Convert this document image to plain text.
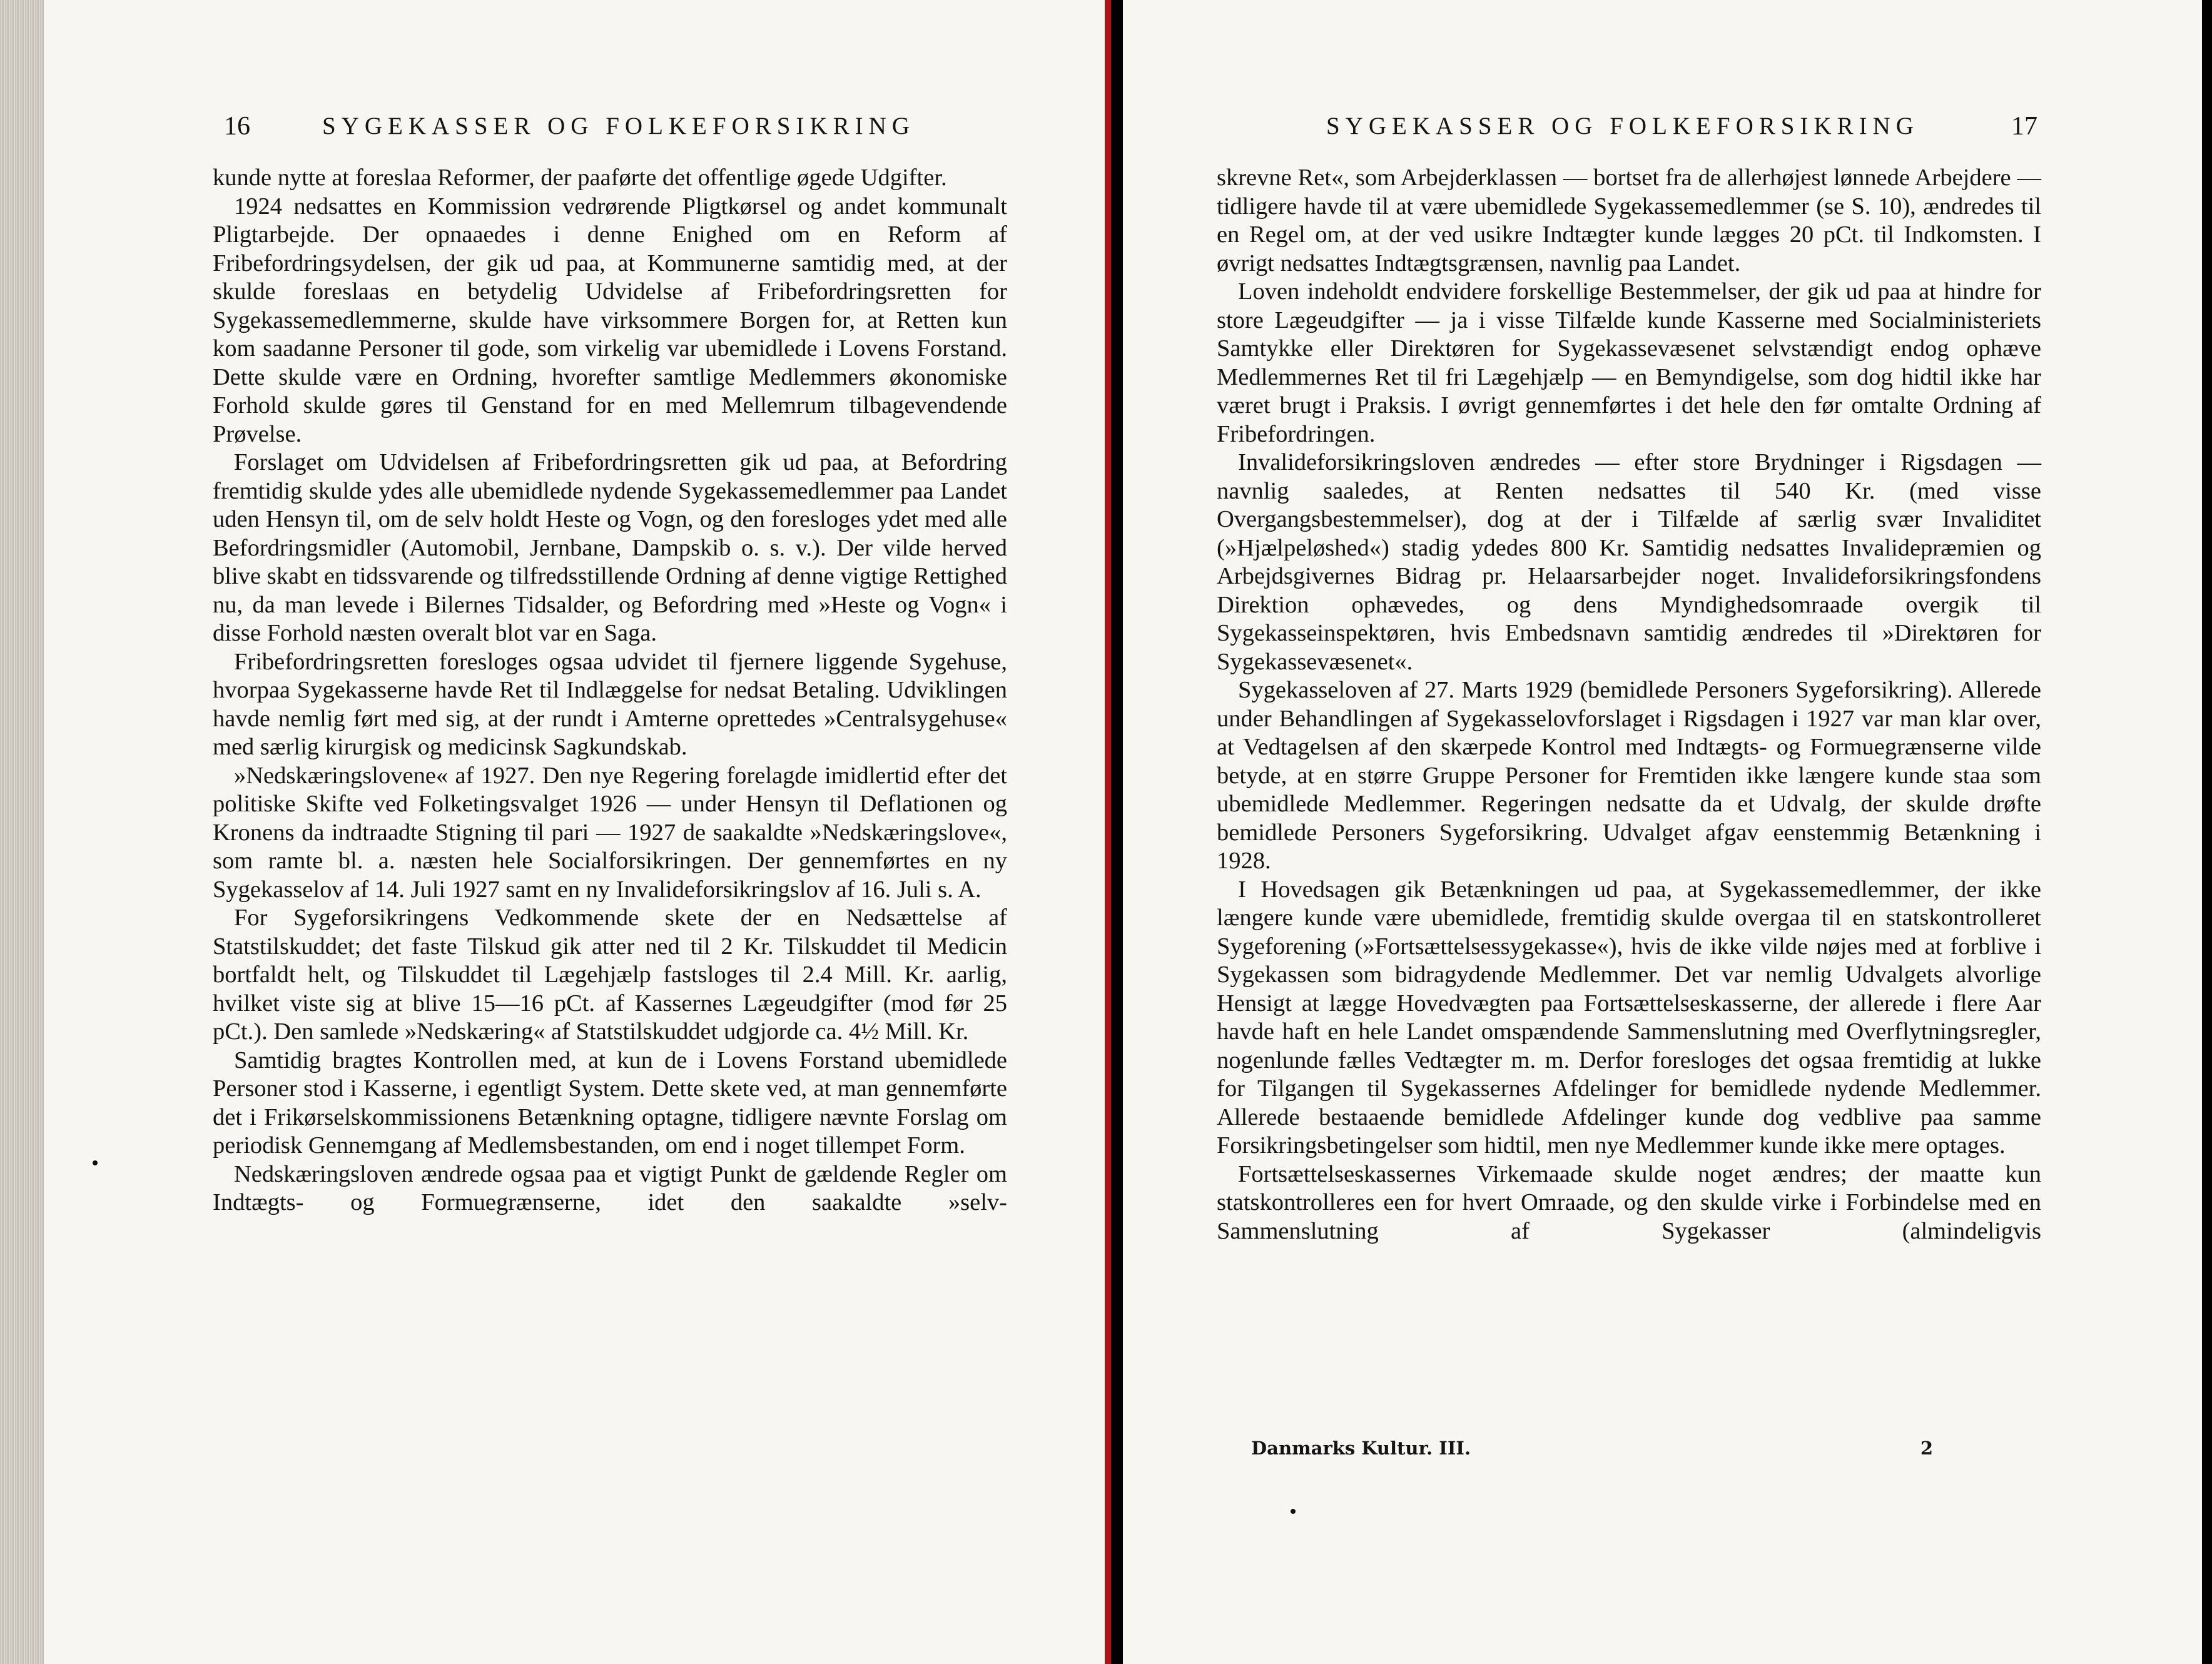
16	SYGEKASSER OG FOLKEFORSIKRING

kunde nytte at foreslaa Reformer, der paaførte det offentlige øgede Udgifter.

1924 nedsattes en Kommission vedrørende Pligtkørsel og andet kommunalt Pligtarbejde. Der opnaaedes i denne Enighed om en Reform af Fribefordringsydelsen, der gik ud paa, at Kommunerne samtidig med, at der skulde foreslaas en betydelig Udvidelse af Fribefordringsretten for Sygekassemedlemmerne, skulde have virksommere Borgen for, at Retten kun kom saadanne Personer til gode, som virkelig var ubemidlede i Lovens Forstand. Dette skulde være en Ordning, hvorefter samtlige Medlemmers økonomiske Forhold skulde gøres til Genstand for en med Mellemrum tilbagevendende Prøvelse.

Forslaget om Udvidelsen af Fribefordringsretten gik ud paa, at Befordring fremtidig skulde ydes alle ubemidlede nydende Sygekassemedlemmer paa Landet uden Hensyn til, om de selv holdt Heste og Vogn, og den foresloges ydet med alle Befordringsmidler (Automobil, Jernbane, Dampskib o. s. v.). Der vilde herved blive skabt en tidssvarende og tilfredsstillende Ordning af denne vigtige Rettighed nu, da man levede i Bilernes Tidsalder, og Befordring med »Heste og Vogn« i disse Forhold næsten overalt blot var en Saga.

Fribefordringsretten foresloges ogsaa udvidet til fjernere liggende Sygehuse, hvorpaa Sygekasserne havde Ret til Indlæggelse for nedsat Betaling. Udviklingen havde nemlig ført med sig, at der rundt i Amterne oprettedes »Centralsygehuse« med særlig kirurgisk og medicinsk Sagkundskab.

»Nedskæringslovene« af 1927. Den nye Regering forelagde imidlertid efter det politiske Skifte ved Folketingsvalget 1926 — under Hensyn til Deflationen og Kronens da indtraadte Stigning til pari — 1927 de saakaldte »Nedskæringslove«, som ramte bl. a. næsten hele Socialforsikringen. Der gennemførtes en ny Sygekasselov af 14. Juli 1927 samt en ny Invalideforsikringslov af 16. Juli s. A.

For Sygeforsikringens Vedkommende skete der en Nedsættelse af Statstilskuddet; det faste Tilskud gik atter ned til 2 Kr. Tilskuddet til Medicin bortfaldt helt, og Tilskuddet til Lægehjælp fastsloges til 2.4 Mill. Kr. aarlig, hvilket viste sig at blive 15—16 pCt. af Kassernes Lægeudgifter (mod før 25 pCt.). Den samlede »Nedskæring« af Statstilskuddet udgjorde ca. 4½ Mill. Kr.

Samtidig bragtes Kontrollen med, at kun de i Lovens Forstand ubemidlede Personer stod i Kasserne, i egentligt System. Dette skete ved, at man gennemførte det i Frikørselskommissionens Betænkning optagne, tidligere nævnte Forslag om periodisk Gennemgang af Medlemsbestanden, om end i noget tillempet Form.

Nedskæringsloven ændrede ogsaa paa et vigtigt Punkt de gældende Regler om Indtægts- og Formuegrænserne, idet den saakaldte »selv-

SYGEKASSER OG FOLKEFORSIKRING	17

skrevne Ret«, som Arbejderklassen — bortset fra de allerhøjest lønnede Arbejdere — tidligere havde til at være ubemidlede Sygekassemedlemmer (se S. 10), ændredes til en Regel om, at der ved usikre Indtægter kunde lægges 20 pCt. til Indkomsten. I øvrigt nedsattes Indtægtsgrænsen, navnlig paa Landet.

Loven indeholdt endvidere forskellige Bestemmelser, der gik ud paa at hindre for store Lægeudgifter — ja i visse Tilfælde kunde Kasserne med Socialministeriets Samtykke eller Direktøren for Sygekassevæsenet selvstændigt endog ophæve Medlemmernes Ret til fri Lægehjælp — en Bemyndigelse, som dog hidtil ikke har været brugt i Praksis. I øvrigt gennemførtes i det hele den før omtalte Ordning af Fribefordringen.

Invalideforsikringsloven ændredes — efter store Brydninger i Rigsdagen — navnlig saaledes, at Renten nedsattes til 540 Kr. (med visse Overgangsbestemmelser), dog at der i Tilfælde af særlig svær Invaliditet (»Hjælpeløshed«) stadig ydedes 800 Kr. Samtidig nedsattes Invalidepræmien og Arbejdsgivernes Bidrag pr. Helaarsarbejder noget. Invalideforsikringsfondens Direktion ophævedes, og dens Myndighedsomraade overgik til Sygekasseinspektøren, hvis Embedsnavn samtidig ændredes til »Direktøren for Sygekassevæsenet«.

Sygekasseloven af 27. Marts 1929 (bemidlede Personers Sygeforsikring). Allerede under Behandlingen af Sygekasselovforslaget i Rigsdagen i 1927 var man klar over, at Vedtagelsen af den skærpede Kontrol med Indtægts- og Formuegrænserne vilde betyde, at en større Gruppe Personer for Fremtiden ikke længere kunde staa som ubemidlede Medlemmer. Regeringen nedsatte da et Udvalg, der skulde drøfte bemidlede Personers Sygeforsikring. Udvalget afgav eenstemmig Betænkning i 1928.

I Hovedsagen gik Betænkningen ud paa, at Sygekassemedlemmer, der ikke længere kunde være ubemidlede, fremtidig skulde overgaa til en statskontrolleret Sygeforening (»Fortsættelsessygekasse«), hvis de ikke vilde nøjes med at forblive i Sygekassen som bidragydende Medlemmer. Det var nemlig Udvalgets alvorlige Hensigt at lægge Hovedvægten paa Fortsættelseskasserne, der allerede i flere Aar havde haft en hele Landet omspændende Sammenslutning med Overflytningsregler, nogenlunde fælles Vedtægter m. m. Derfor foresloges det ogsaa fremtidig at lukke for Tilgangen til Sygekassernes Afdelinger for bemidlede nydende Medlemmer. Allerede bestaaende bemidlede Afdelinger kunde dog vedblive paa samme Forsikringsbetingelser som hidtil, men nye Medlemmer kunde ikke mere optages.

Fortsættelseskassernes Virkemaade skulde noget ændres; der maatte kun statskontrolleres een for hvert Omraade, og den skulde virke i Forbindelse med en Sammenslutning af Sygekasser (almindeligvis

Danmarks Kultur. III.	2
